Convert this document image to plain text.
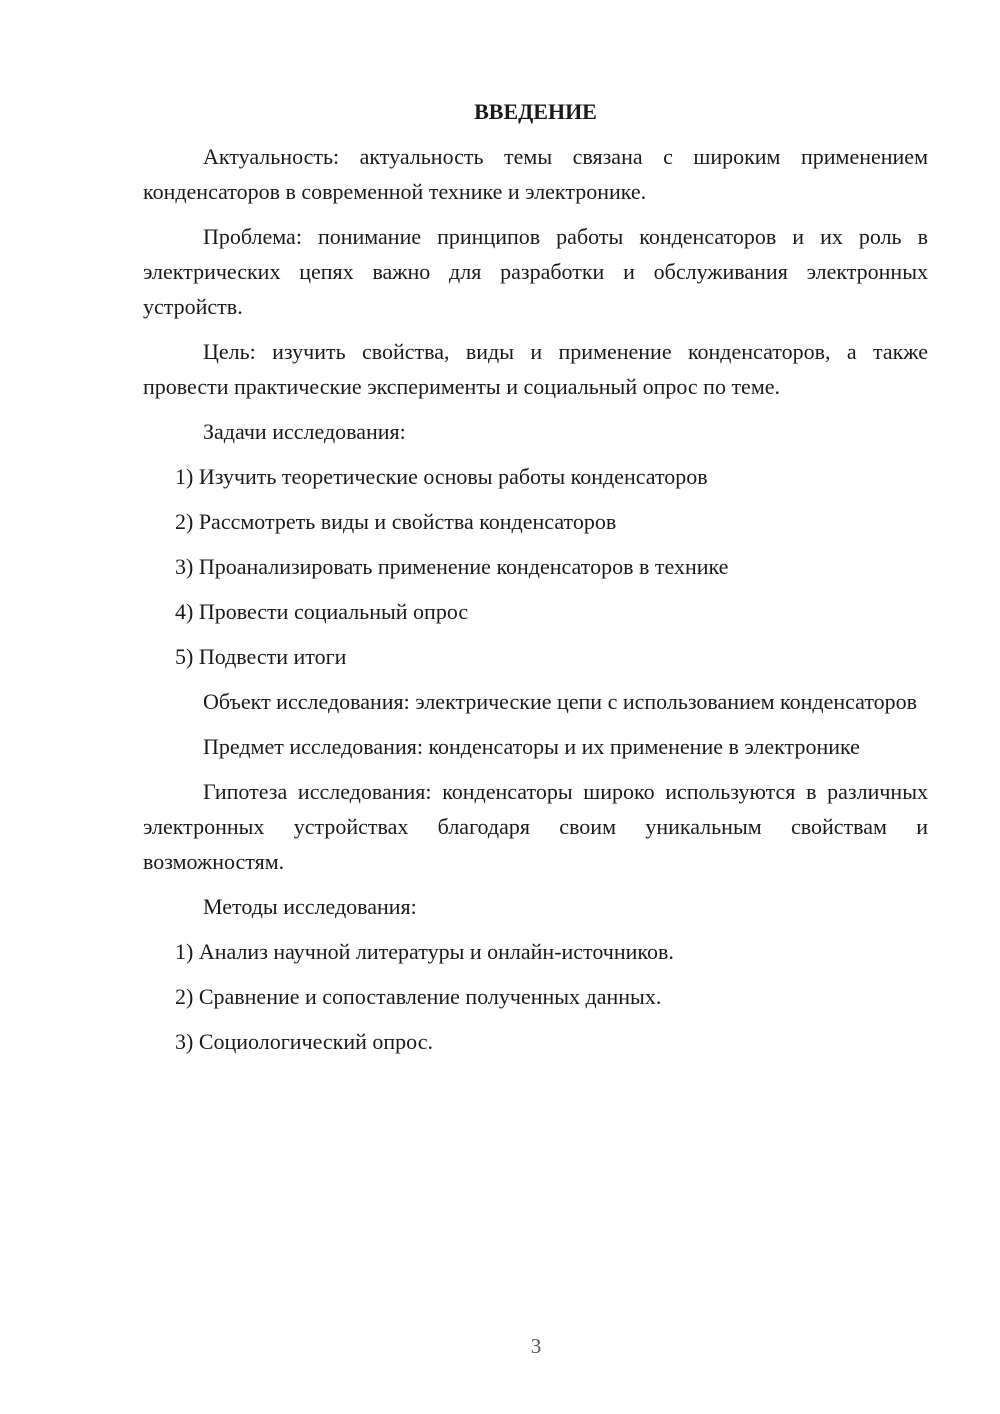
ВВЕДЕНИЕ

Актуальность: актуальность темы связана с широким применением конденсаторов в современной технике и электронике.

Проблема: понимание принципов работы конденсаторов и их роль в электрических цепях важно для разработки и обслуживания электронных устройств.

Цель: изучить свойства, виды и применение конденсаторов, а также провести практические эксперименты и социальный опрос по теме.

Задачи исследования:

1) Изучить теоретические основы работы конденсаторов

2) Рассмотреть виды и свойства конденсаторов

3) Проанализировать применение конденсаторов в технике

4) Провести социальный опрос

5) Подвести итоги

Объект исследования: электрические цепи с использованием конденсаторов

Предмет исследования: конденсаторы и их применение в электронике

Гипотеза исследования: конденсаторы широко используются в различных электронных устройствах благодаря своим уникальным свойствам и возможностям.

Методы исследования:

1) Анализ научной литературы и онлайн-источников.

2) Сравнение и сопоставление полученных данных.

3) Социологический опрос.

3
